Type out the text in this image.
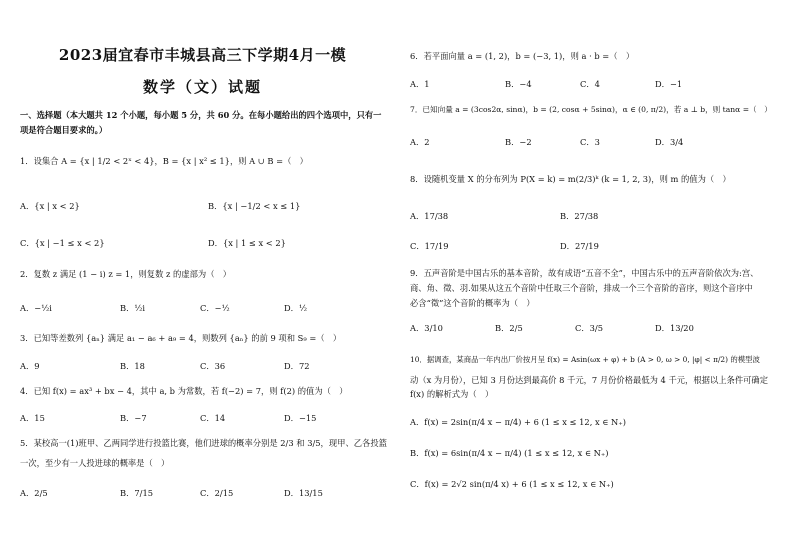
2023届宜春市丰城县高三下学期4月一模
数学（文）试题
一、选择题（本大题共 12 个小题，每小题 5 分，共 60 分。在每小题给出的四个选项中，只有一
项是符合题目要求的。）
1．设集合 A = {x | 1/2 < 2ˣ < 4}，B = {x | x² ≤ 1}，则 A ∪ B =（　）
A．{x | x < 2}	B．{x | −1/2 < x ≤ 1}
C．{x | −1 ≤ x < 2}	D．{x | 1 ≤ x < 2}
2．复数 z 满足 (1 − i) z = 1，则复数 z 的虚部为（　）
A．−½i	B．½i	C．−½	D．½
3．已知等差数列 {aₙ} 满足 a₁ − a₆ + a₉ = 4，则数列 {aₙ} 的前 9 项和 S₉ =（　）
A．9	B．18	C．36	D．72
4．已知 f(x) = ax³ + bx − 4，其中 a, b 为常数，若 f(−2) = 7，则 f(2) 的值为（　）
A．15	B．−7	C．14	D．−15
5．某校高一(1)班甲、乙两同学进行投篮比赛，他们进球的概率分别是 2/3 和 3/5，现甲、乙各投篮
一次，至少有一人投进球的概率是（　）
A．2/5	B．7/15	C．2/15	D．13/15
6．若平面向量 a = (1, 2)，b = (−3, 1)，则 a · b =（　）
A．1	B．−4	C．4	D．−1
7．已知向量 a = (3cos2α, sinα)，b = (2, cosα + 5sinα)，α ∈ (0, π/2)，若 a ⊥ b，则 tanα =（　）
A．2	B．−2	C．3	D．3/4
8．设随机变量 X 的分布列为 P(X = k) = m(2/3)ᵏ (k = 1, 2, 3)，则 m 的值为（　）
A．17/38	B．27/38
C．17/19	D．27/19
9．五声音阶是中国古乐的基本音阶，故有成语“五音不全”，中国古乐中的五声音阶依次为:宫、
商、角、徵、羽.如果从这五个音阶中任取三个音阶，排成一个三个音阶的音序，则这个音序中
必含“徵”这个音阶的概率为（　）
A．3/10	B．2/5	C．3/5	D．13/20
10．据调查，某商品一年内出厂价按月呈 f(x) = Asin(ωx + φ) + b (A > 0, ω > 0, |φ| < π/2) 的模型波
动（x 为月份），已知 3 月份达到最高价 8 千元，7 月份价格最低为 4 千元，根据以上条件可确定
f(x) 的解析式为（　）
A．f(x) = 2sin(π/4 x − π/4) + 6 (1 ≤ x ≤ 12, x ∈ N₊)
B．f(x) = 6sin(π/4 x − π/4) (1 ≤ x ≤ 12, x ∈ N₊)
C．f(x) = 2√2 sin(π/4 x) + 6 (1 ≤ x ≤ 12, x ∈ N₊)
